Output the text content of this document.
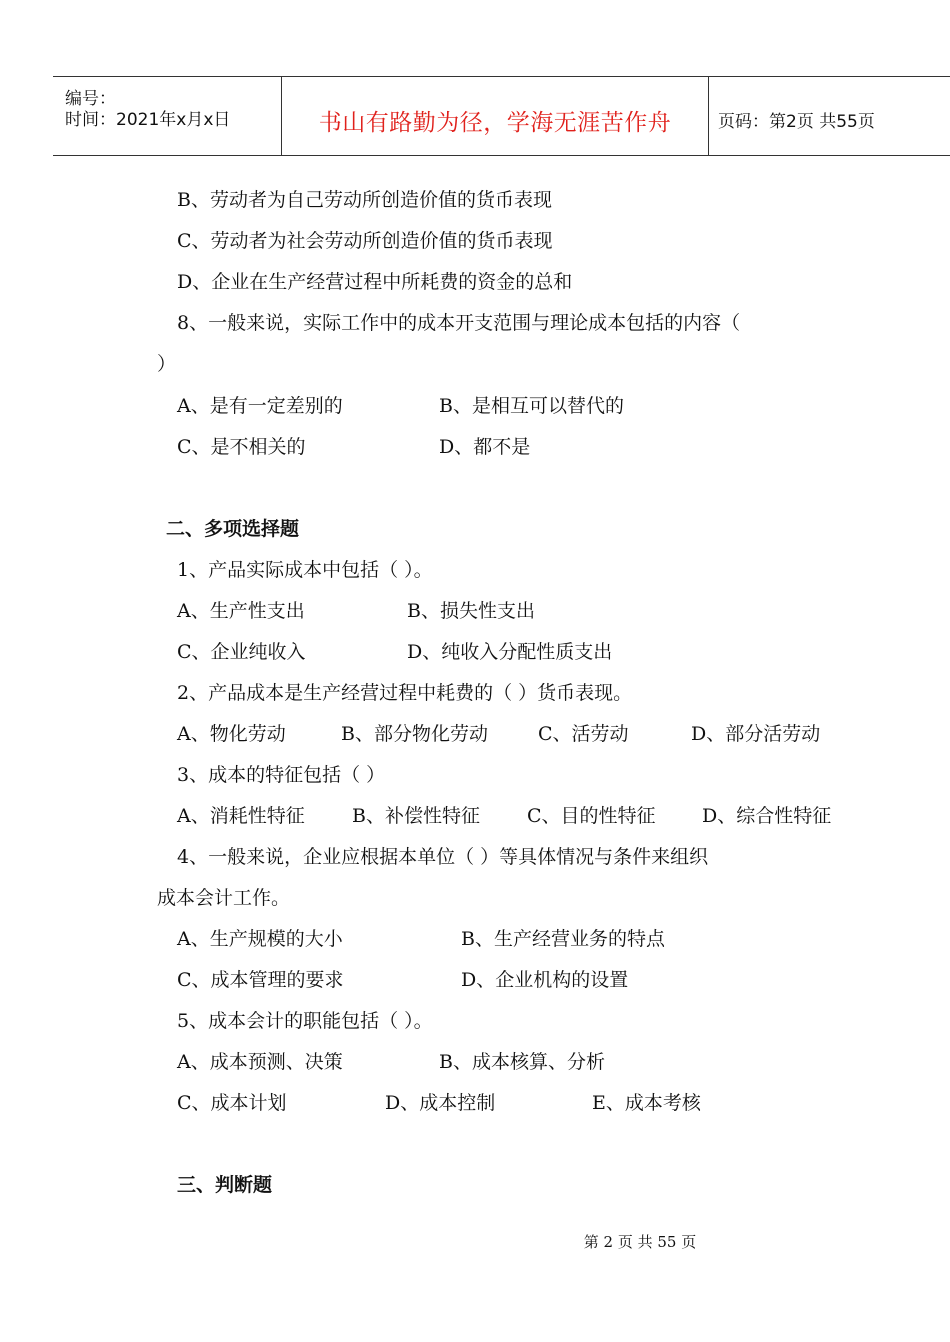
编号：
时间：2021年x月x日	书山有路勤为径，学海无涯苦作舟	页码：第2页 共55页
B、劳动者为自己劳动所创造价值的货币表现
C、劳动者为社会劳动所创造价值的货币表现
D、企业在生产经营过程中所耗费的资金的总和
8、一般来说，实际工作中的成本开支范围与理论成本包括的内容（
）
A、是有一定差别的	B、是相互可以替代的
C、是不相关的	D、都不是
二、多项选择题
1、产品实际成本中包括（ ）。
A、生产性支出	B、损失性支出
C、企业纯收入	D、纯收入分配性质支出
2、产品成本是生产经营过程中耗费的（ ）货币表现。
A、物化劳动	B、部分物化劳动	C、活劳动	D、部分活劳动
3、成本的特征包括（ ）
A、消耗性特征 B、补偿性特征 C、目的性特征 D、综合性特征
4、一般来说，企业应根据本单位（ ）等具体情况与条件来组织
成本会计工作。
A、生产规模的大小	B、生产经营业务的特点
C、成本管理的要求	D、企业机构的设置
5、成本会计的职能包括（ ）。
A、成本预测、决策	B、成本核算、分析
C、成本计划	D、成本控制	E、成本考核
三、判断题
第 2 页 共 55 页
